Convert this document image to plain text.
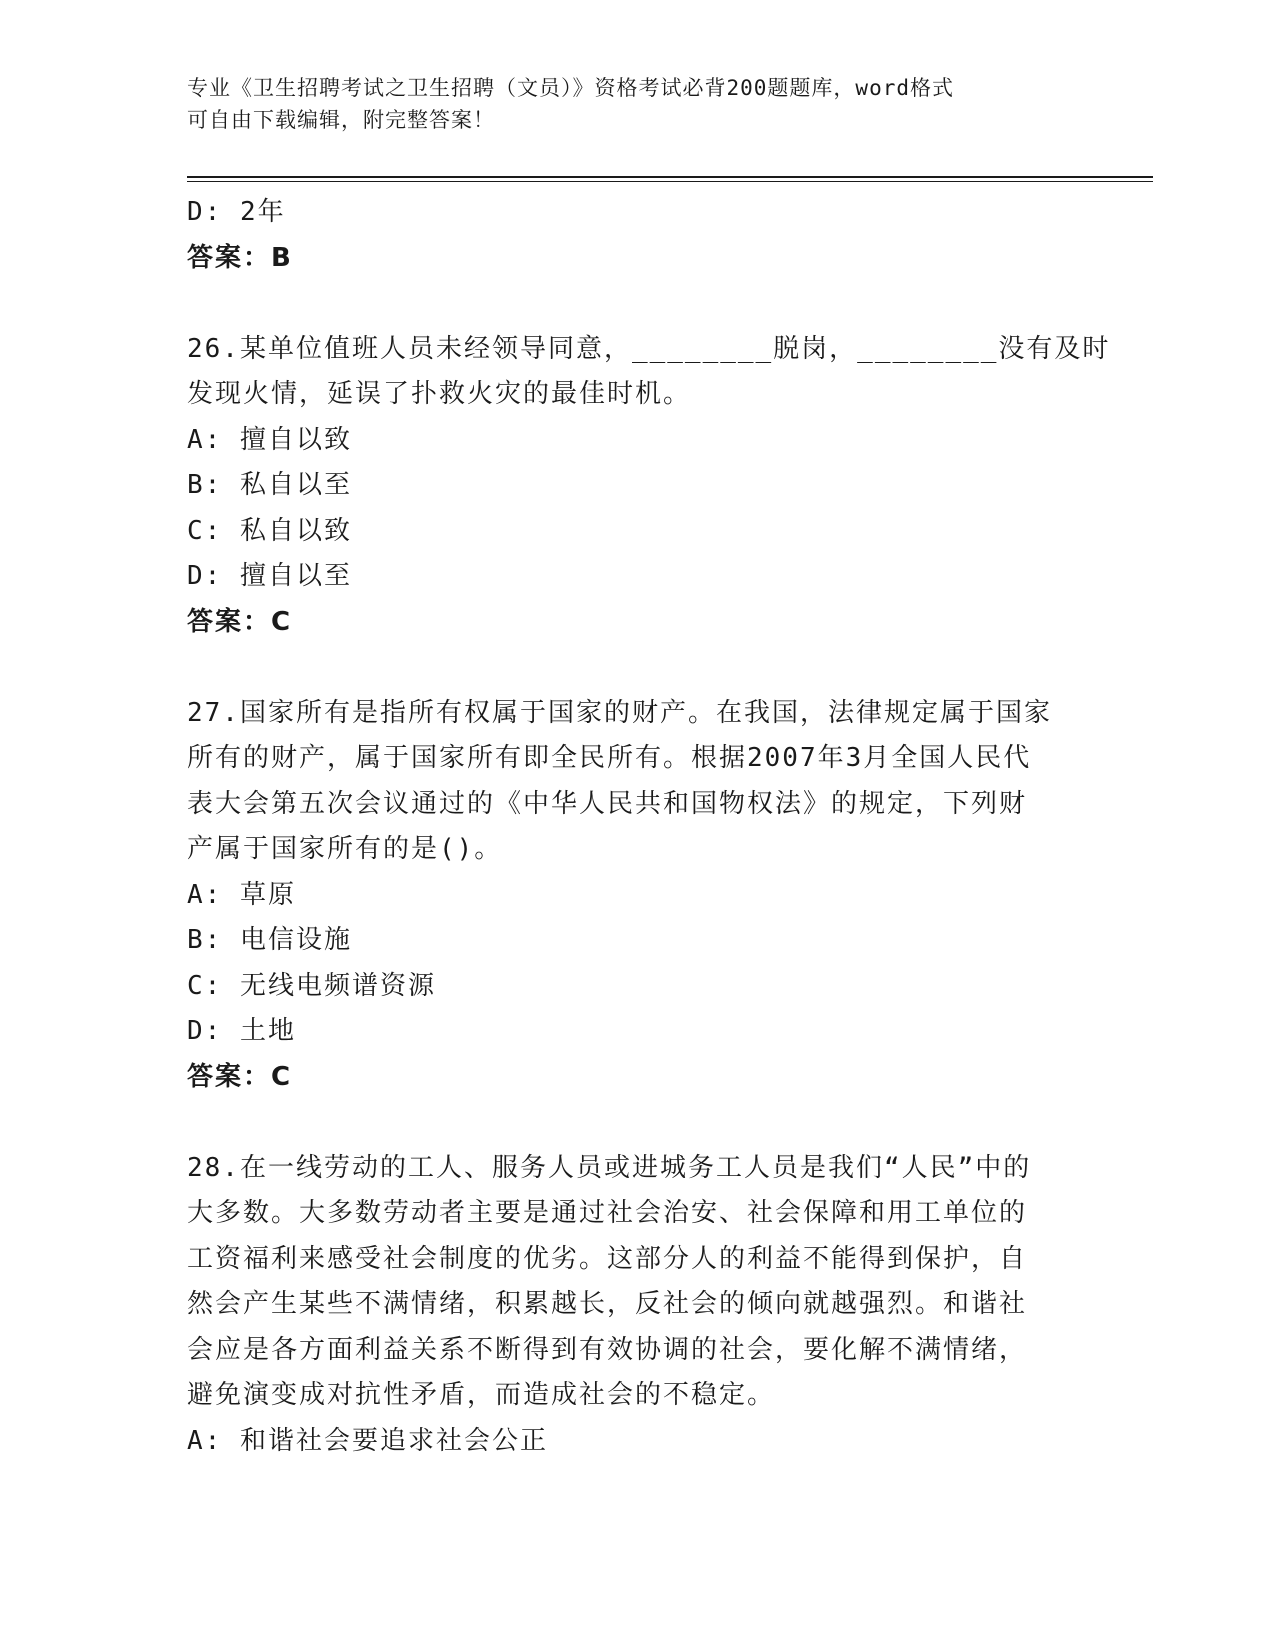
专业《卫生招聘考试之卫生招聘（文员）》资格考试必背200题题库，word格式
可自由下载编辑，附完整答案！
D: 2年
答案：B
26.某单位值班人员未经领导同意，________脱岗，________没有及时
发现火情，延误了扑救火灾的最佳时机。
A: 擅自以致
B: 私自以至
C: 私自以致
D: 擅自以至
答案：C
27.国家所有是指所有权属于国家的财产。在我国，法律规定属于国家
所有的财产，属于国家所有即全民所有。根据2007年3月全国人民代
表大会第五次会议通过的《中华人民共和国物权法》的规定，下列财
产属于国家所有的是()。
A: 草原
B: 电信设施
C: 无线电频谱资源
D: 土地
答案：C
28.在一线劳动的工人、服务人员或进城务工人员是我们“人民”中的
大多数。大多数劳动者主要是通过社会治安、社会保障和用工单位的
工资福利来感受社会制度的优劣。这部分人的利益不能得到保护，自
然会产生某些不满情绪，积累越长，反社会的倾向就越强烈。和谐社
会应是各方面利益关系不断得到有效协调的社会，要化解不满情绪，
避免演变成对抗性矛盾，而造成社会的不稳定。
A: 和谐社会要追求社会公正
